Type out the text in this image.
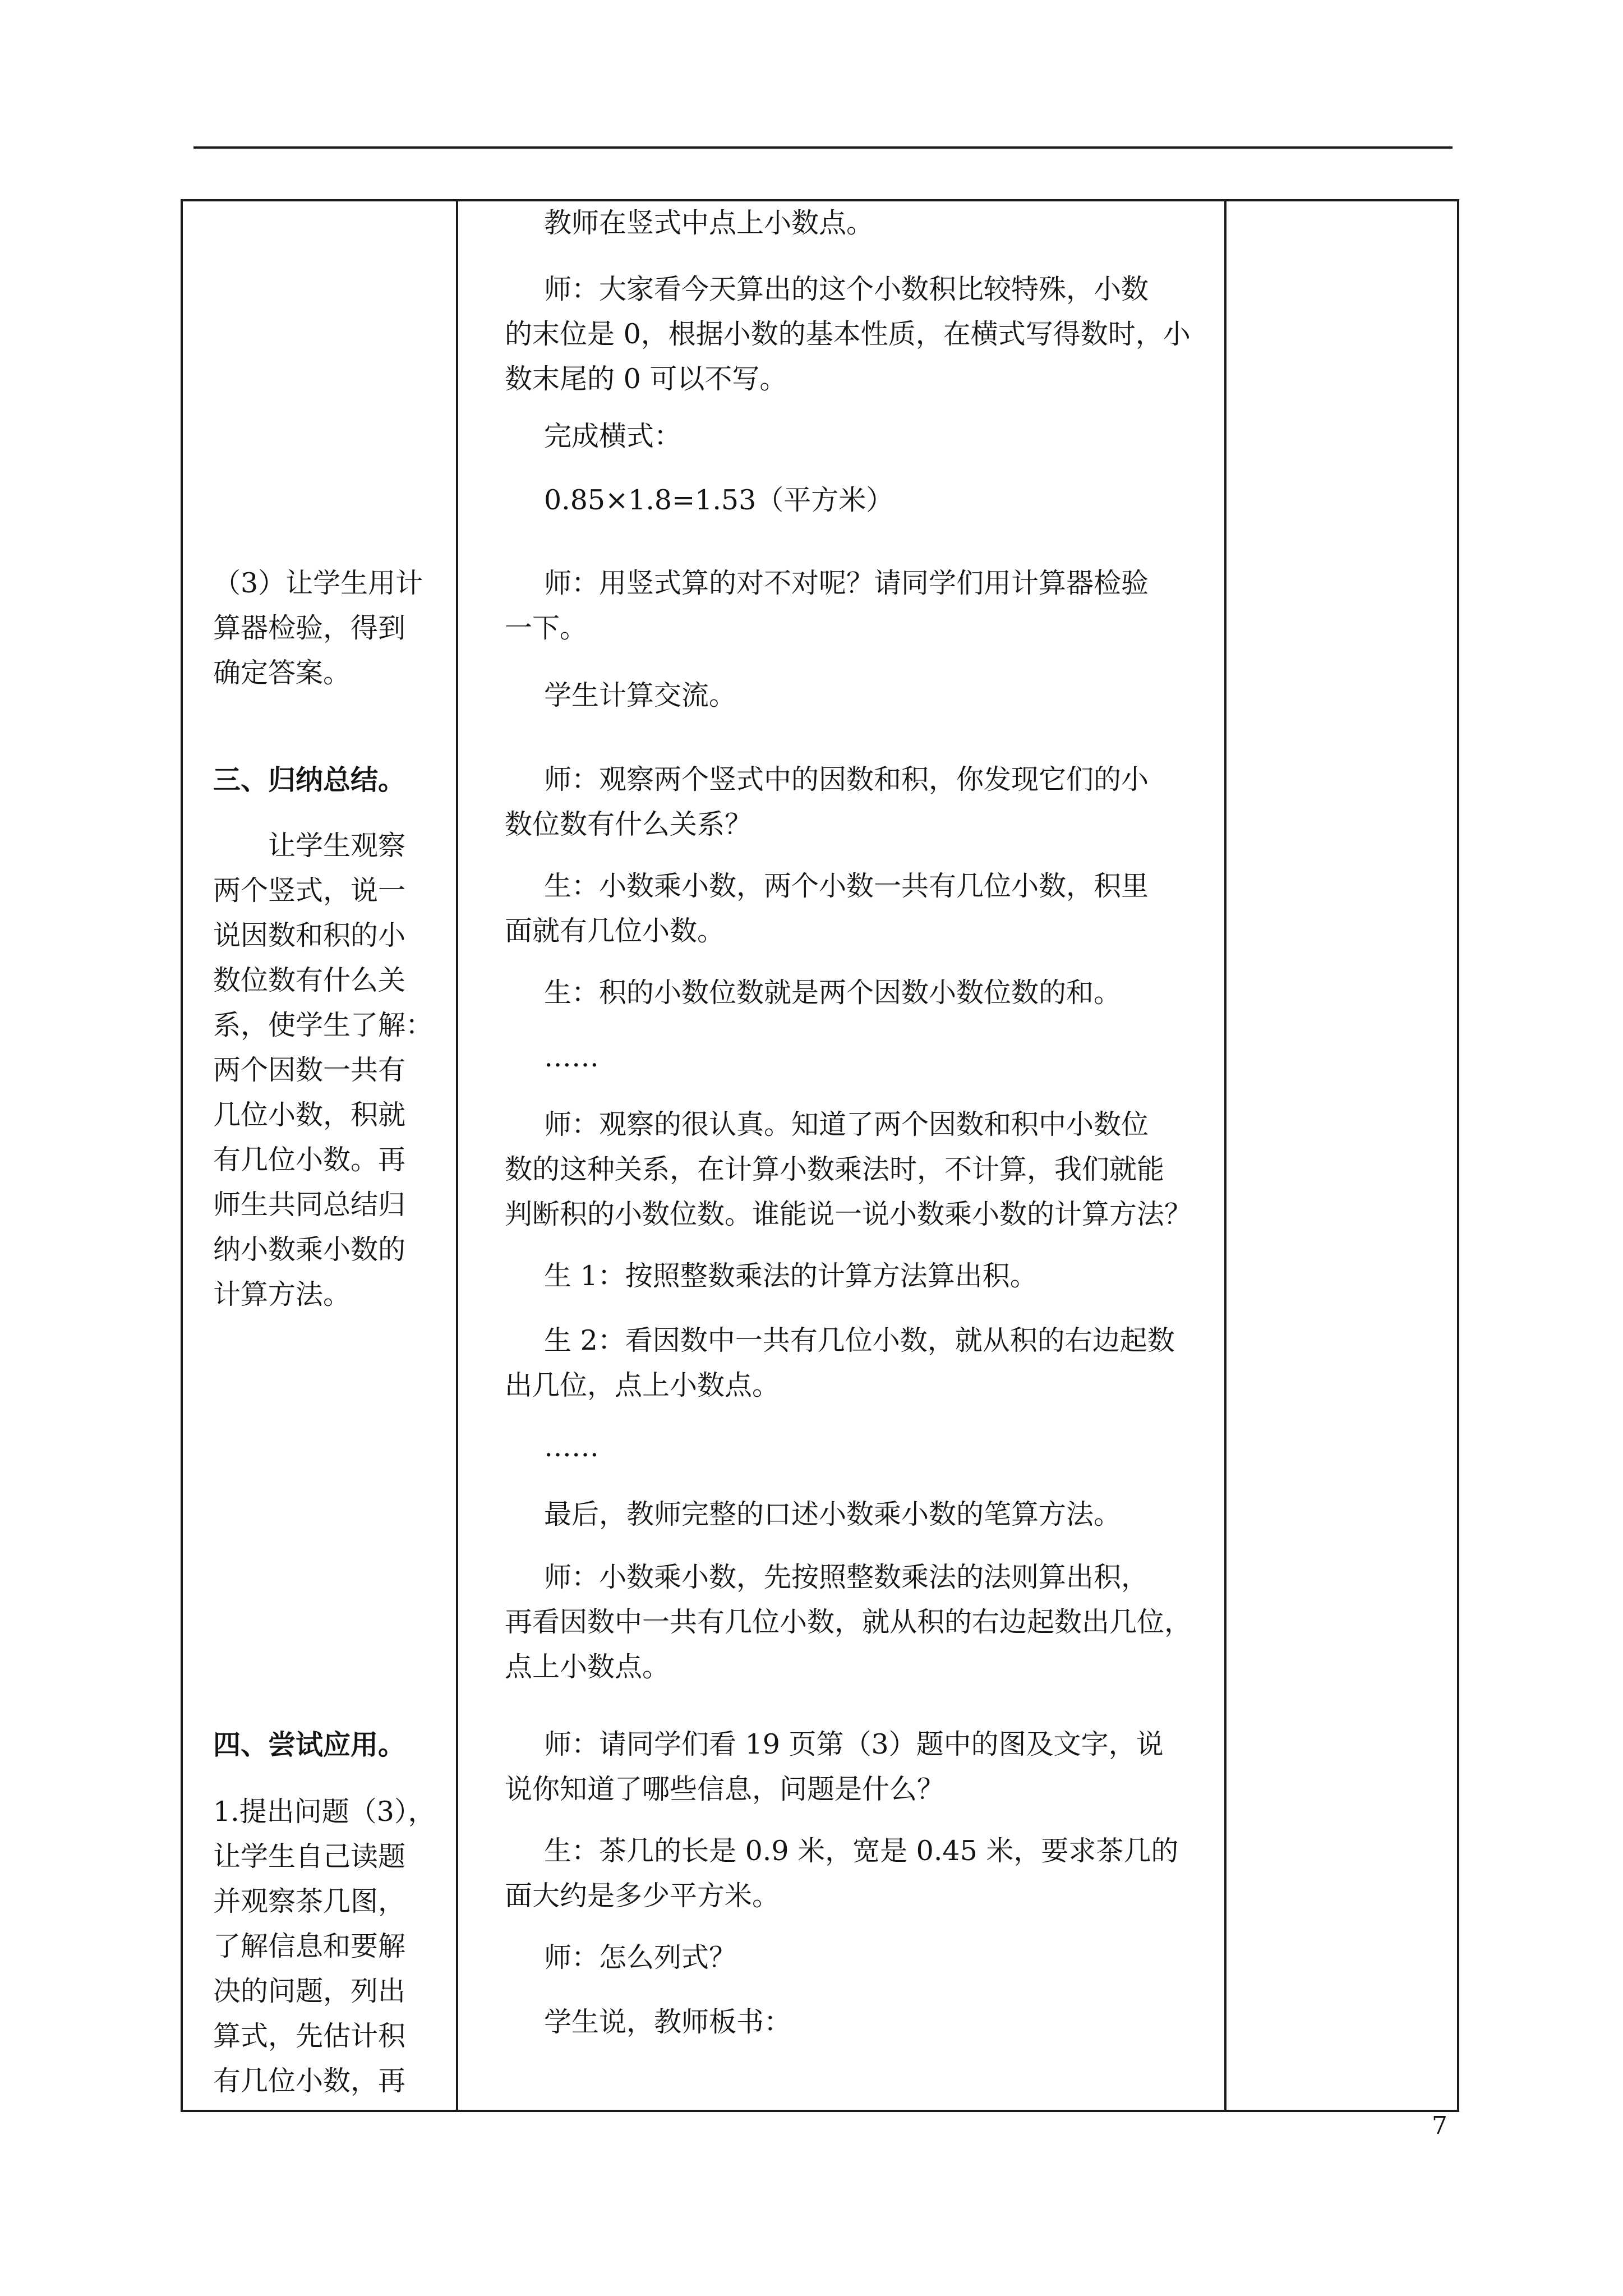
（3）让学生用计
算器检验，得到
确定答案。
三、归纳总结。
　　让学生观察
两个竖式，说一
说因数和积的小
数位数有什么关
系，使学生了解：
两个因数一共有
几位小数，积就
有几位小数。再
师生共同总结归
纳小数乘小数的
计算方法。
四、尝试应用。
1.提出问题（3），
让学生自己读题
并观察茶几图，
了解信息和要解
决的问题，列出
算式，先估计积
有几位小数，再
教师在竖式中点上小数点。
师：大家看今天算出的这个小数积比较特殊，小数
的末位是 0，根据小数的基本性质，在横式写得数时，小
数末尾的 0 可以不写。
完成横式：
0.85×1.8=1.53（平方米）
师：用竖式算的对不对呢？请同学们用计算器检验
一下。
学生计算交流。
师：观察两个竖式中的因数和积，你发现它们的小
数位数有什么关系？
生：小数乘小数，两个小数一共有几位小数，积里
面就有几位小数。
生：积的小数位数就是两个因数小数位数的和。
……
师：观察的很认真。知道了两个因数和积中小数位
数的这种关系，在计算小数乘法时，不计算，我们就能
判断积的小数位数。谁能说一说小数乘小数的计算方法？
生 1：按照整数乘法的计算方法算出积。
生 2：看因数中一共有几位小数，就从积的右边起数
出几位，点上小数点。
……
最后，教师完整的口述小数乘小数的笔算方法。
师：小数乘小数，先按照整数乘法的法则算出积，
再看因数中一共有几位小数，就从积的右边起数出几位，
点上小数点。
师：请同学们看 19 页第（3）题中的图及文字，说
说你知道了哪些信息，问题是什么？
生：茶几的长是 0.9 米，宽是 0.45 米，要求茶几的
面大约是多少平方米。
师：怎么列式？
学生说，教师板书：
7
